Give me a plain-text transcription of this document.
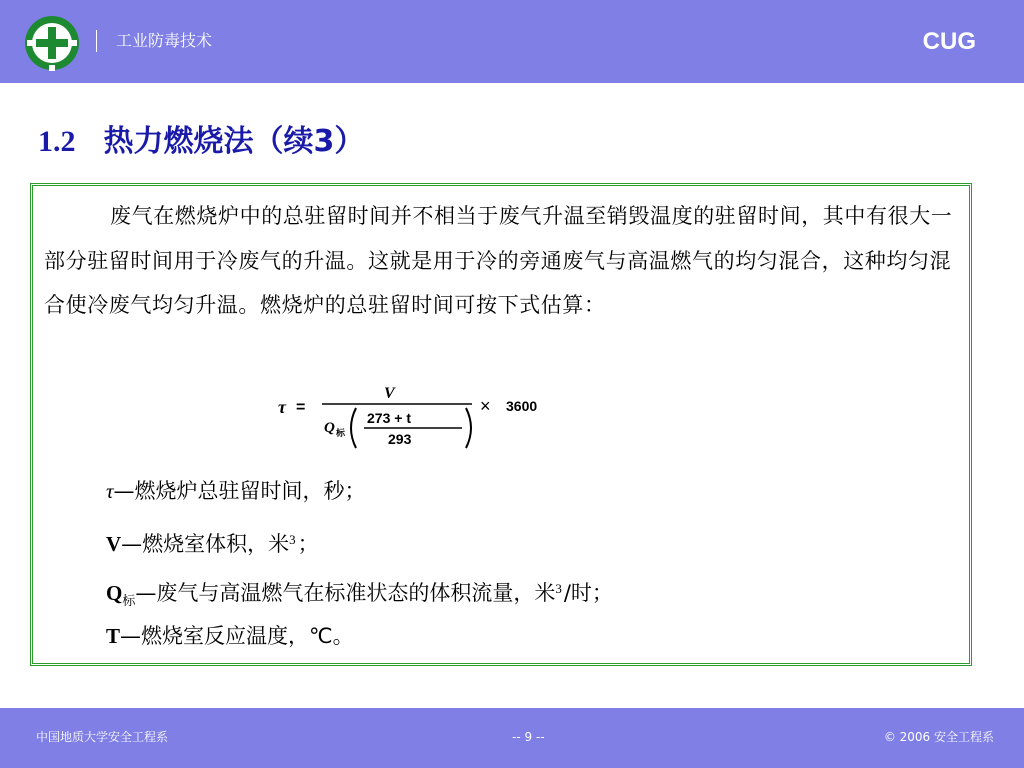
工业防毒技术	CUG
1.2 热力燃烧法（续3）
废气在燃烧炉中的总驻留时间并不相当于废气升温至销毁温度的驻留时间，其中有很大一部分驻留时间用于冷废气的升温。这就是用于冷的旁通废气与高温燃气的均匀混合，这种均匀混合使冷废气均匀升温。燃烧炉的总驻留时间可按下式估算：
τ =
V
Q 标
273 + t
293
× 3600
τ—燃烧炉总驻留时间，秒；
V—燃烧室体积，米$^3$；
$Q_标—$废气与高温燃气在标准状态的体积流量，米$^3$/时；
T—燃烧室反应温度，℃。
中国地质大学安全工程系	-- 9 --	© 2006 安全工程系
